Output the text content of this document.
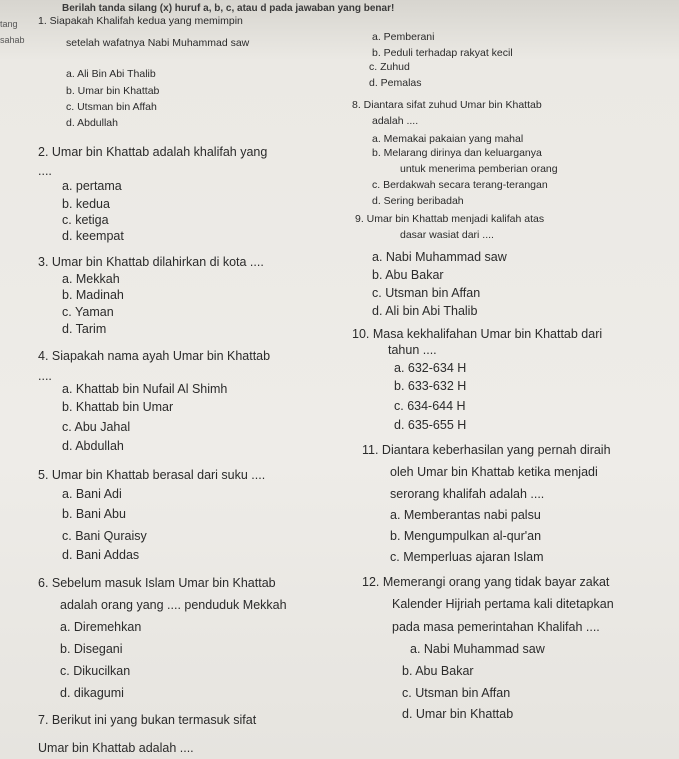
Berilah tanda silang (x) huruf a, b, c, atau d pada jawaban yang benar!
tang
sahab
1. Siapakah Khalifah kedua yang memimpin
setelah wafatnya Nabi Muhammad saw
a. Ali Bin Abi Thalib
b. Umar bin Khattab
c. Utsman bin Affah
d. Abdullah
2. Umar bin Khattab adalah khalifah yang
....
a. pertama
b. kedua
c. ketiga
d. keempat
3. Umar bin Khattab dilahirkan di kota ....
a. Mekkah
b. Madinah
c. Yaman
d. Tarim
4. Siapakah nama ayah Umar bin Khattab
....
a. Khattab bin Nufail Al Shimh
b. Khattab bin Umar
c. Abu Jahal
d. Abdullah
5. Umar bin Khattab berasal dari suku ....
a. Bani Adi
b. Bani Abu
c. Bani Quraisy
d. Bani Addas
6. Sebelum masuk Islam Umar bin Khattab
adalah orang yang .... penduduk Mekkah
a. Diremehkan
b. Disegani
c. Dikucilkan
d. dikagumi
7. Berikut ini yang bukan termasuk sifat
Umar bin Khattab adalah ....
a. Pemberani
b. Peduli terhadap rakyat kecil
c. Zuhud
d. Pemalas
8. Diantara sifat zuhud Umar bin Khattab
adalah ....
a. Memakai pakaian yang mahal
b. Melarang dirinya dan keluarganya
untuk menerima pemberian orang
c. Berdakwah secara terang-terangan
d. Sering beribadah
9. Umar bin Khattab menjadi kalifah atas
dasar wasiat dari ....
a. Nabi Muhammad saw
b. Abu Bakar
c. Utsman bin Affan
d. Ali bin Abi Thalib
10. Masa kekhalifahan Umar bin Khattab dari
tahun ....
a. 632-634 H
b. 633-632 H
c. 634-644 H
d. 635-655 H
11. Diantara keberhasilan yang pernah diraih
oleh Umar bin Khattab ketika menjadi
serorang khalifah adalah ....
a. Memberantas nabi palsu
b. Mengumpulkan al-qur'an
c. Memperluas ajaran Islam
12. Memerangi orang yang tidak bayar zakat
Kalender Hijriah pertama kali ditetapkan
pada masa pemerintahan Khalifah ....
a. Nabi Muhammad saw
b. Abu Bakar
c. Utsman bin Affan
d. Umar bin Khattab
